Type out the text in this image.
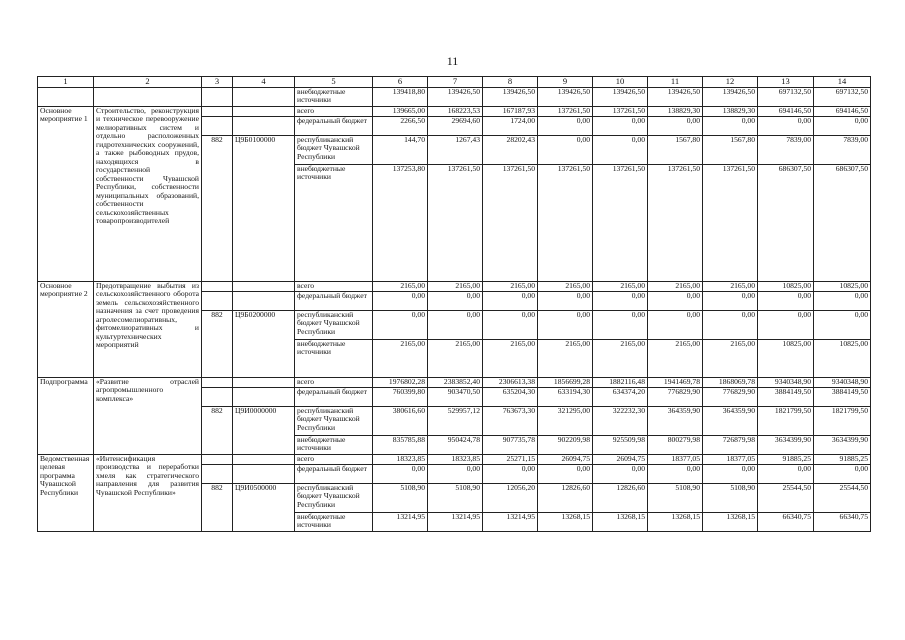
11
1	2	3	4	5	6	7	8	9	10	11	12	13	14
				внебюджетные источники	139418,80	139426,50	139426,50	139426,50	139426,50	139426,50	139426,50	697132,50	697132,50
Основное мероприятие 1	Строительство, реконструкция и техническое перевооружение мелиоративных систем и отдельно расположенных гидротехнических сооружений, а также рыбоводных прудов, находящихся в государственной собственности Чувашской Республики, собственности муниципальных образований, собственности сельскохозяйственных товаропроизводителей			всего	139665,00	168223,53	167187,93	137261,50	137261,50	138829,30	138829,30	694146,50	694146,50
				федеральный бюджет	2266,50	29694,60	1724,00	0,00	0,00	0,00	0,00	0,00	0,00
		882	Ц9Б0100000	республиканский бюджет Чувашской Республики	144,70	1267,43	28202,43	0,00	0,00	1567,80	1567,80	7839,00	7839,00
				внебюджетные источники	137253,80	137261,50	137261,50	137261,50	137261,50	137261,50	137261,50	686307,50	686307,50
Основное мероприятие 2	Предотвращение выбытия из сельскохозяйственного оборота земель сельскохозяйственного назначения за счет проведения агролесомелиоративных, фитомелиоративных и культуртехнических мероприятий			всего	2165,00	2165,00	2165,00	2165,00	2165,00	2165,00	2165,00	10825,00	10825,00
				федеральный бюджет	0,00	0,00	0,00	0,00	0,00	0,00	0,00	0,00	0,00
		882	Ц9Б0200000	республиканский бюджет Чувашской Республики	0,00	0,00	0,00	0,00	0,00	0,00	0,00	0,00	0,00
				внебюджетные источники	2165,00	2165,00	2165,00	2165,00	2165,00	2165,00	2165,00	10825,00	10825,00
Подпрограмма	«Развитие отраслей агропромышленного комплекса»			всего	1976802,28	2383852,40	2306613,38	1856699,28	1882116,48	1941469,78	1868069,78	9340348,90	9340348,90
				федеральный бюджет	760399,80	903470,50	635204,30	633194,30	634374,20	776829,90	776829,90	3884149,50	3884149,50
		882	Ц9И0000000	республиканский бюджет Чувашской Республики	380616,60	529957,12	763673,30	321295,00	322232,30	364359,90	364359,90	1821799,50	1821799,50
				внебюджетные источники	835785,88	950424,78	907735,78	902209,98	925509,98	800279,98	726879,98	3634399,90	3634399,90
Ведомственная целевая программа Чувашской Республики	«Интенсификация производства и переработки хмеля как стратегического направления для развития Чувашской Республики»			всего	18323,85	18323,85	25271,15	26094,75	26094,75	18377,05	18377,05	91885,25	91885,25
				федеральный бюджет	0,00	0,00	0,00	0,00	0,00	0,00	0,00	0,00	0,00
		882	Ц9И0500000	республиканский бюджет Чувашской Республики	5108,90	5108,90	12056,20	12826,60	12826,60	5108,90	5108,90	25544,50	25544,50
				внебюджетные источники	13214,95	13214,95	13214,95	13268,15	13268,15	13268,15	13268,15	66340,75	66340,75
